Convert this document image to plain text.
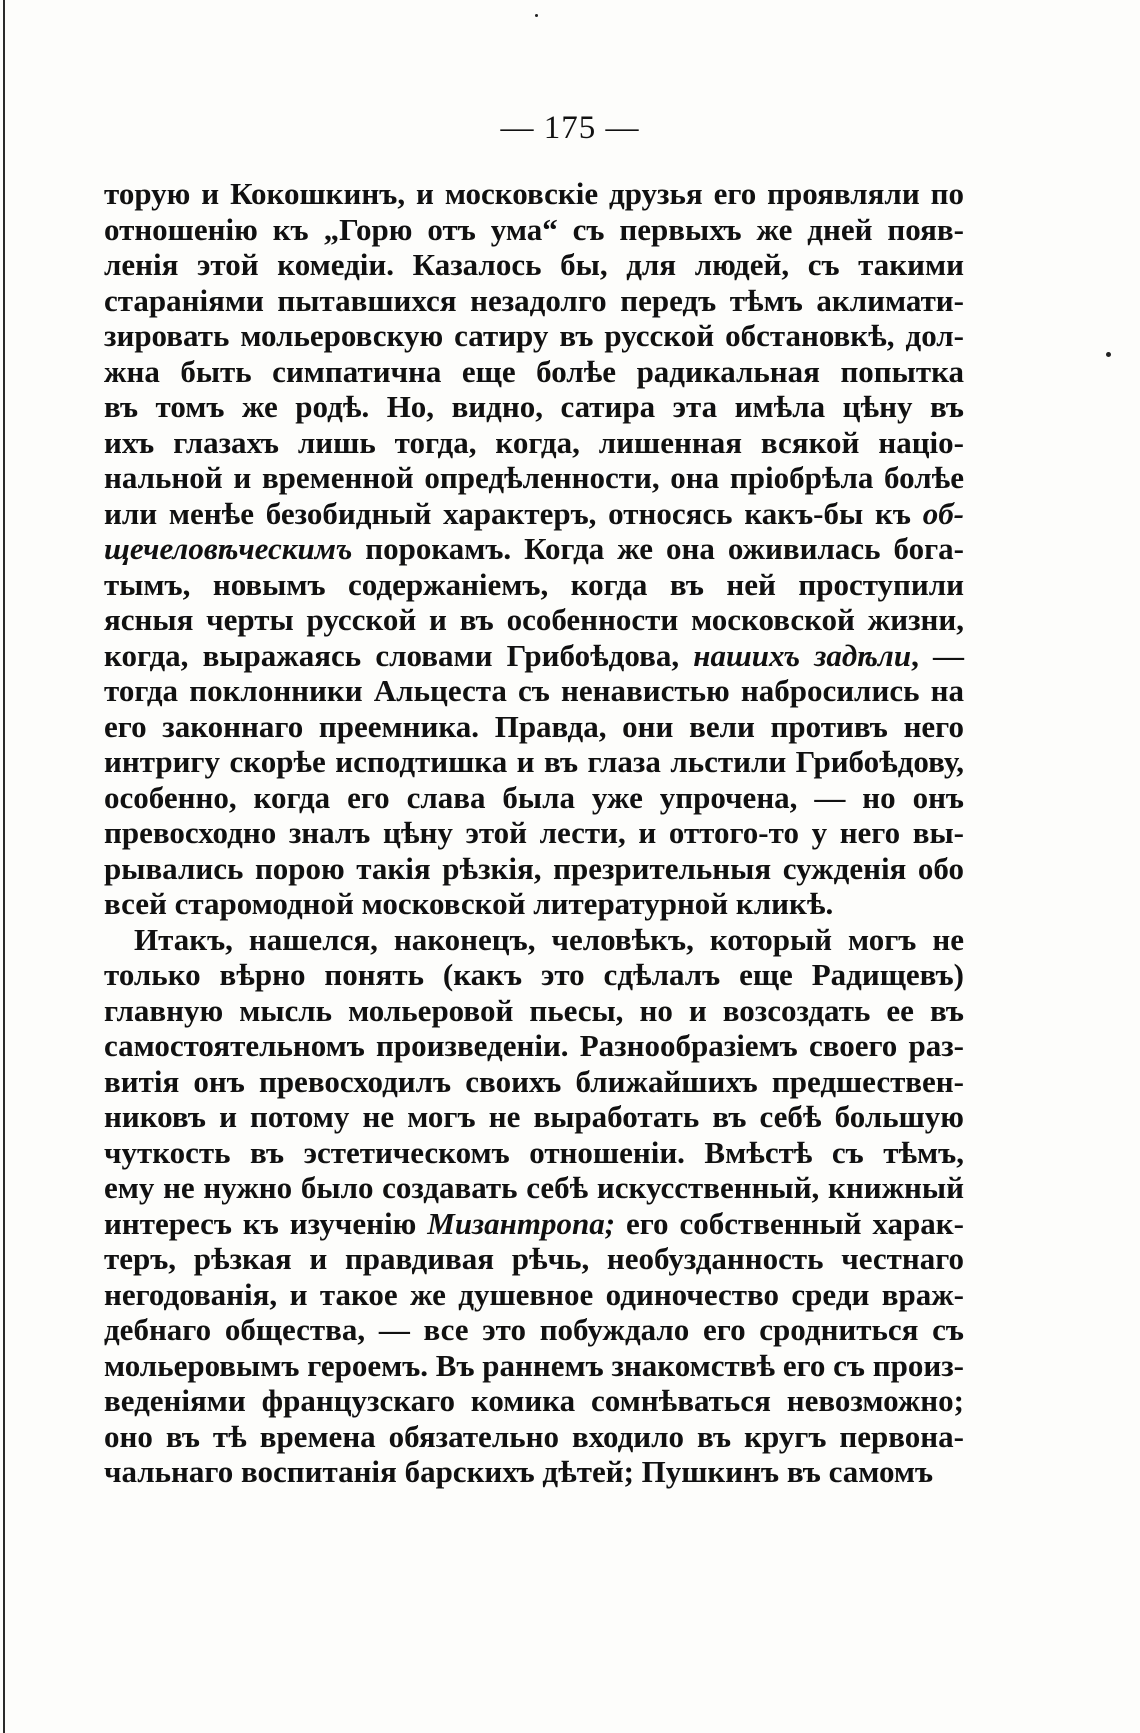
— 175 —
торую и Кокошкинъ, и московскіе друзья его проявляли по
отношенію къ „Горю отъ ума“ съ первыхъ же дней появ-
ленія этой комедіи. Казалось бы, для людей, съ такими
стараніями пытавшихся незадолго передъ тѣмъ аклимати-
зировать мольеровскую сатиру въ русской обстановкѣ, дол-
жна быть симпатична еще болѣе радикальная попытка
въ томъ же родѣ. Но, видно, сатира эта имѣла цѣну въ
ихъ глазахъ лишь тогда, когда, лишенная всякой націо-
нальной и временной опредѣленности, она пріобрѣла болѣе
или менѣе безобидный характеръ, относясь какъ-бы къ об-
щечеловѣческимъ порокамъ. Когда же она оживилась бога-
тымъ, новымъ содержаніемъ, когда въ ней проступили
ясныя черты русской и въ особенности московской жизни,
когда, выражаясь словами Грибоѣдова, нашихъ задѣли, —
тогда поклонники Альцеста съ ненавистью набросились на
его законнаго преемника. Правда, они вели противъ него
интригу скорѣе исподтишка и въ глаза льстили Грибоѣдову,
особенно, когда его слава была уже упрочена, — но онъ
превосходно зналъ цѣну этой лести, и оттого-то у него вы-
рывались порою такія рѣзкія, презрительныя сужденія обо
всей старомодной московской литературной кликѣ.
Итакъ, нашелся, наконецъ, человѣкъ, который могъ не
только вѣрно понять (какъ это сдѣлалъ еще Радищевъ)
главную мысль мольеровой пьесы, но и возсоздать ее въ
самостоятельномъ произведеніи. Разнообразіемъ своего раз-
витія онъ превосходилъ своихъ ближайшихъ предшествен-
никовъ и потому не могъ не выработать въ себѣ большую
чуткость въ эстетическомъ отношеніи. Вмѣстѣ съ тѣмъ,
ему не нужно было создавать себѣ искусственный, книжный
интересъ къ изученію Мизантропа; его собственный харак-
теръ, рѣзкая и правдивая рѣчь, необузданность честнаго
негодованія, и такое же душевное одиночество среди враж-
дебнаго общества, — все это побуждало его сродниться съ
мольеровымъ героемъ. Въ раннемъ знакомствѣ его съ произ-
веденіями французскаго комика сомнѣваться невозможно;
оно въ тѣ времена обязательно входило въ кругъ первона-
чальнаго воспитанія барскихъ дѣтей; Пушкинъ въ самомъ
